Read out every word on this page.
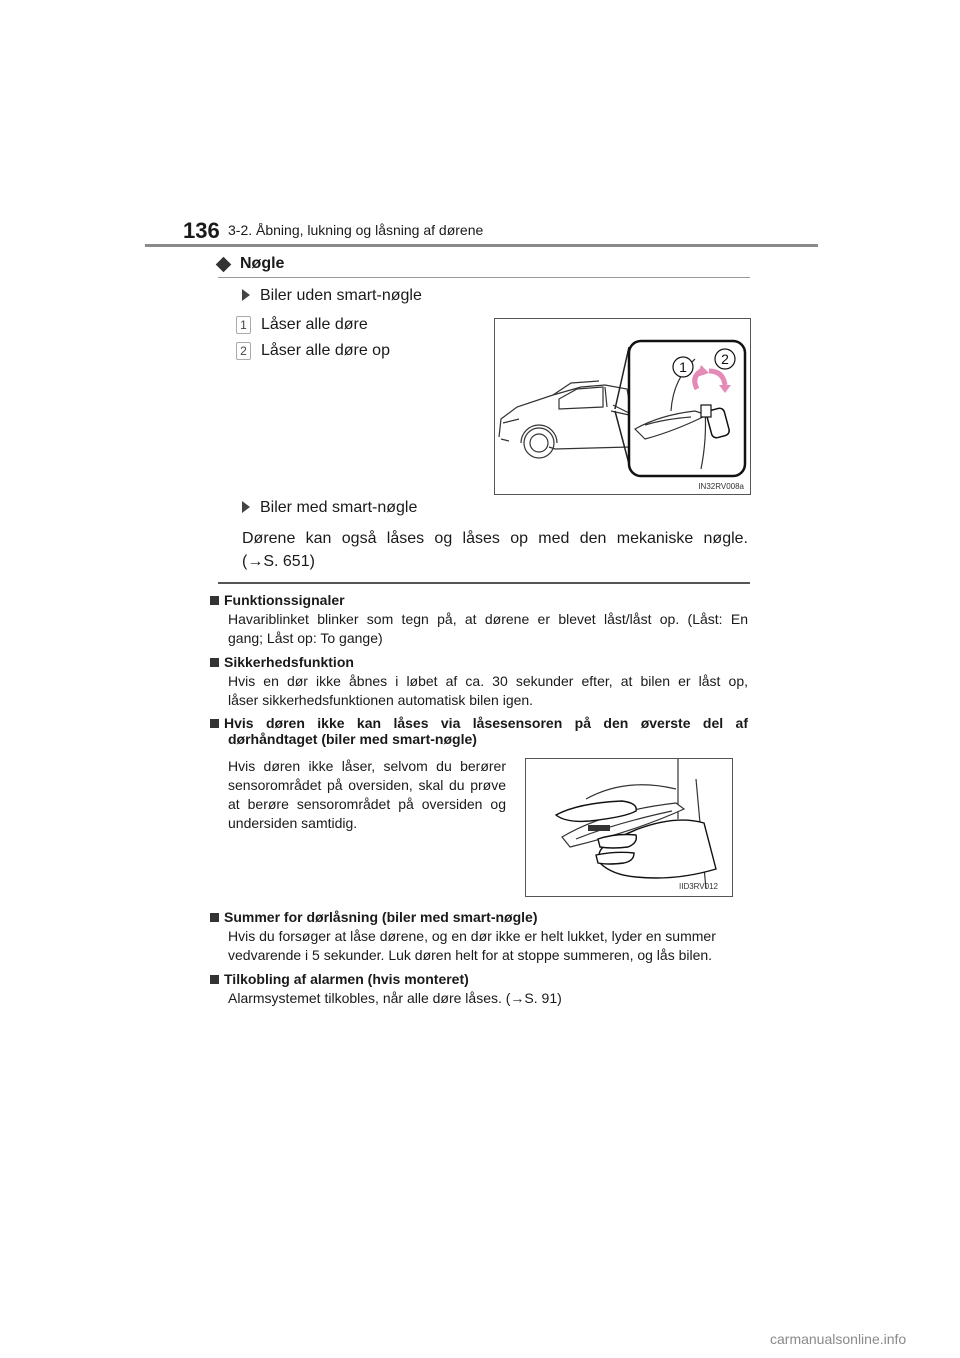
136 3-2. Åbning, lukning og låsning af dørene
Nøgle
Biler uden smart-nøgle
1 Låser alle døre
2 Låser alle døre op
1 2
IN32RV008a
Biler med smart-nøgle
Dørene kan også låses og låses op med den mekaniske nøgle.
(→S. 651)
Funktionssignaler
Havariblinket blinker som tegn på, at dørene er blevet låst/låst op. (Låst: En
gang; Låst op: To gange)
Sikkerhedsfunktion
Hvis en dør ikke åbnes i løbet af ca. 30 sekunder efter, at bilen er låst op,
låser sikkerhedsfunktionen automatisk bilen igen.
Hvis døren ikke kan låses via låsesensoren på den øverste del af
dørhåndtaget (biler med smart-nøgle)
Hvis døren ikke låser, selvom du berører
sensorområdet på oversiden, skal du prøve
at berøre sensorområdet på oversiden og
undersiden samtidig.
IID3RV012
Summer for dørlåsning (biler med smart-nøgle)
Hvis du forsøger at låse dørene, og en dør ikke er helt lukket, lyder en summer
vedvarende i 5 sekunder. Luk døren helt for at stoppe summeren, og lås bilen.
Tilkobling af alarmen (hvis monteret)
Alarmsystemet tilkobles, når alle døre låses. (→S. 91)
carmanualsonline.info
